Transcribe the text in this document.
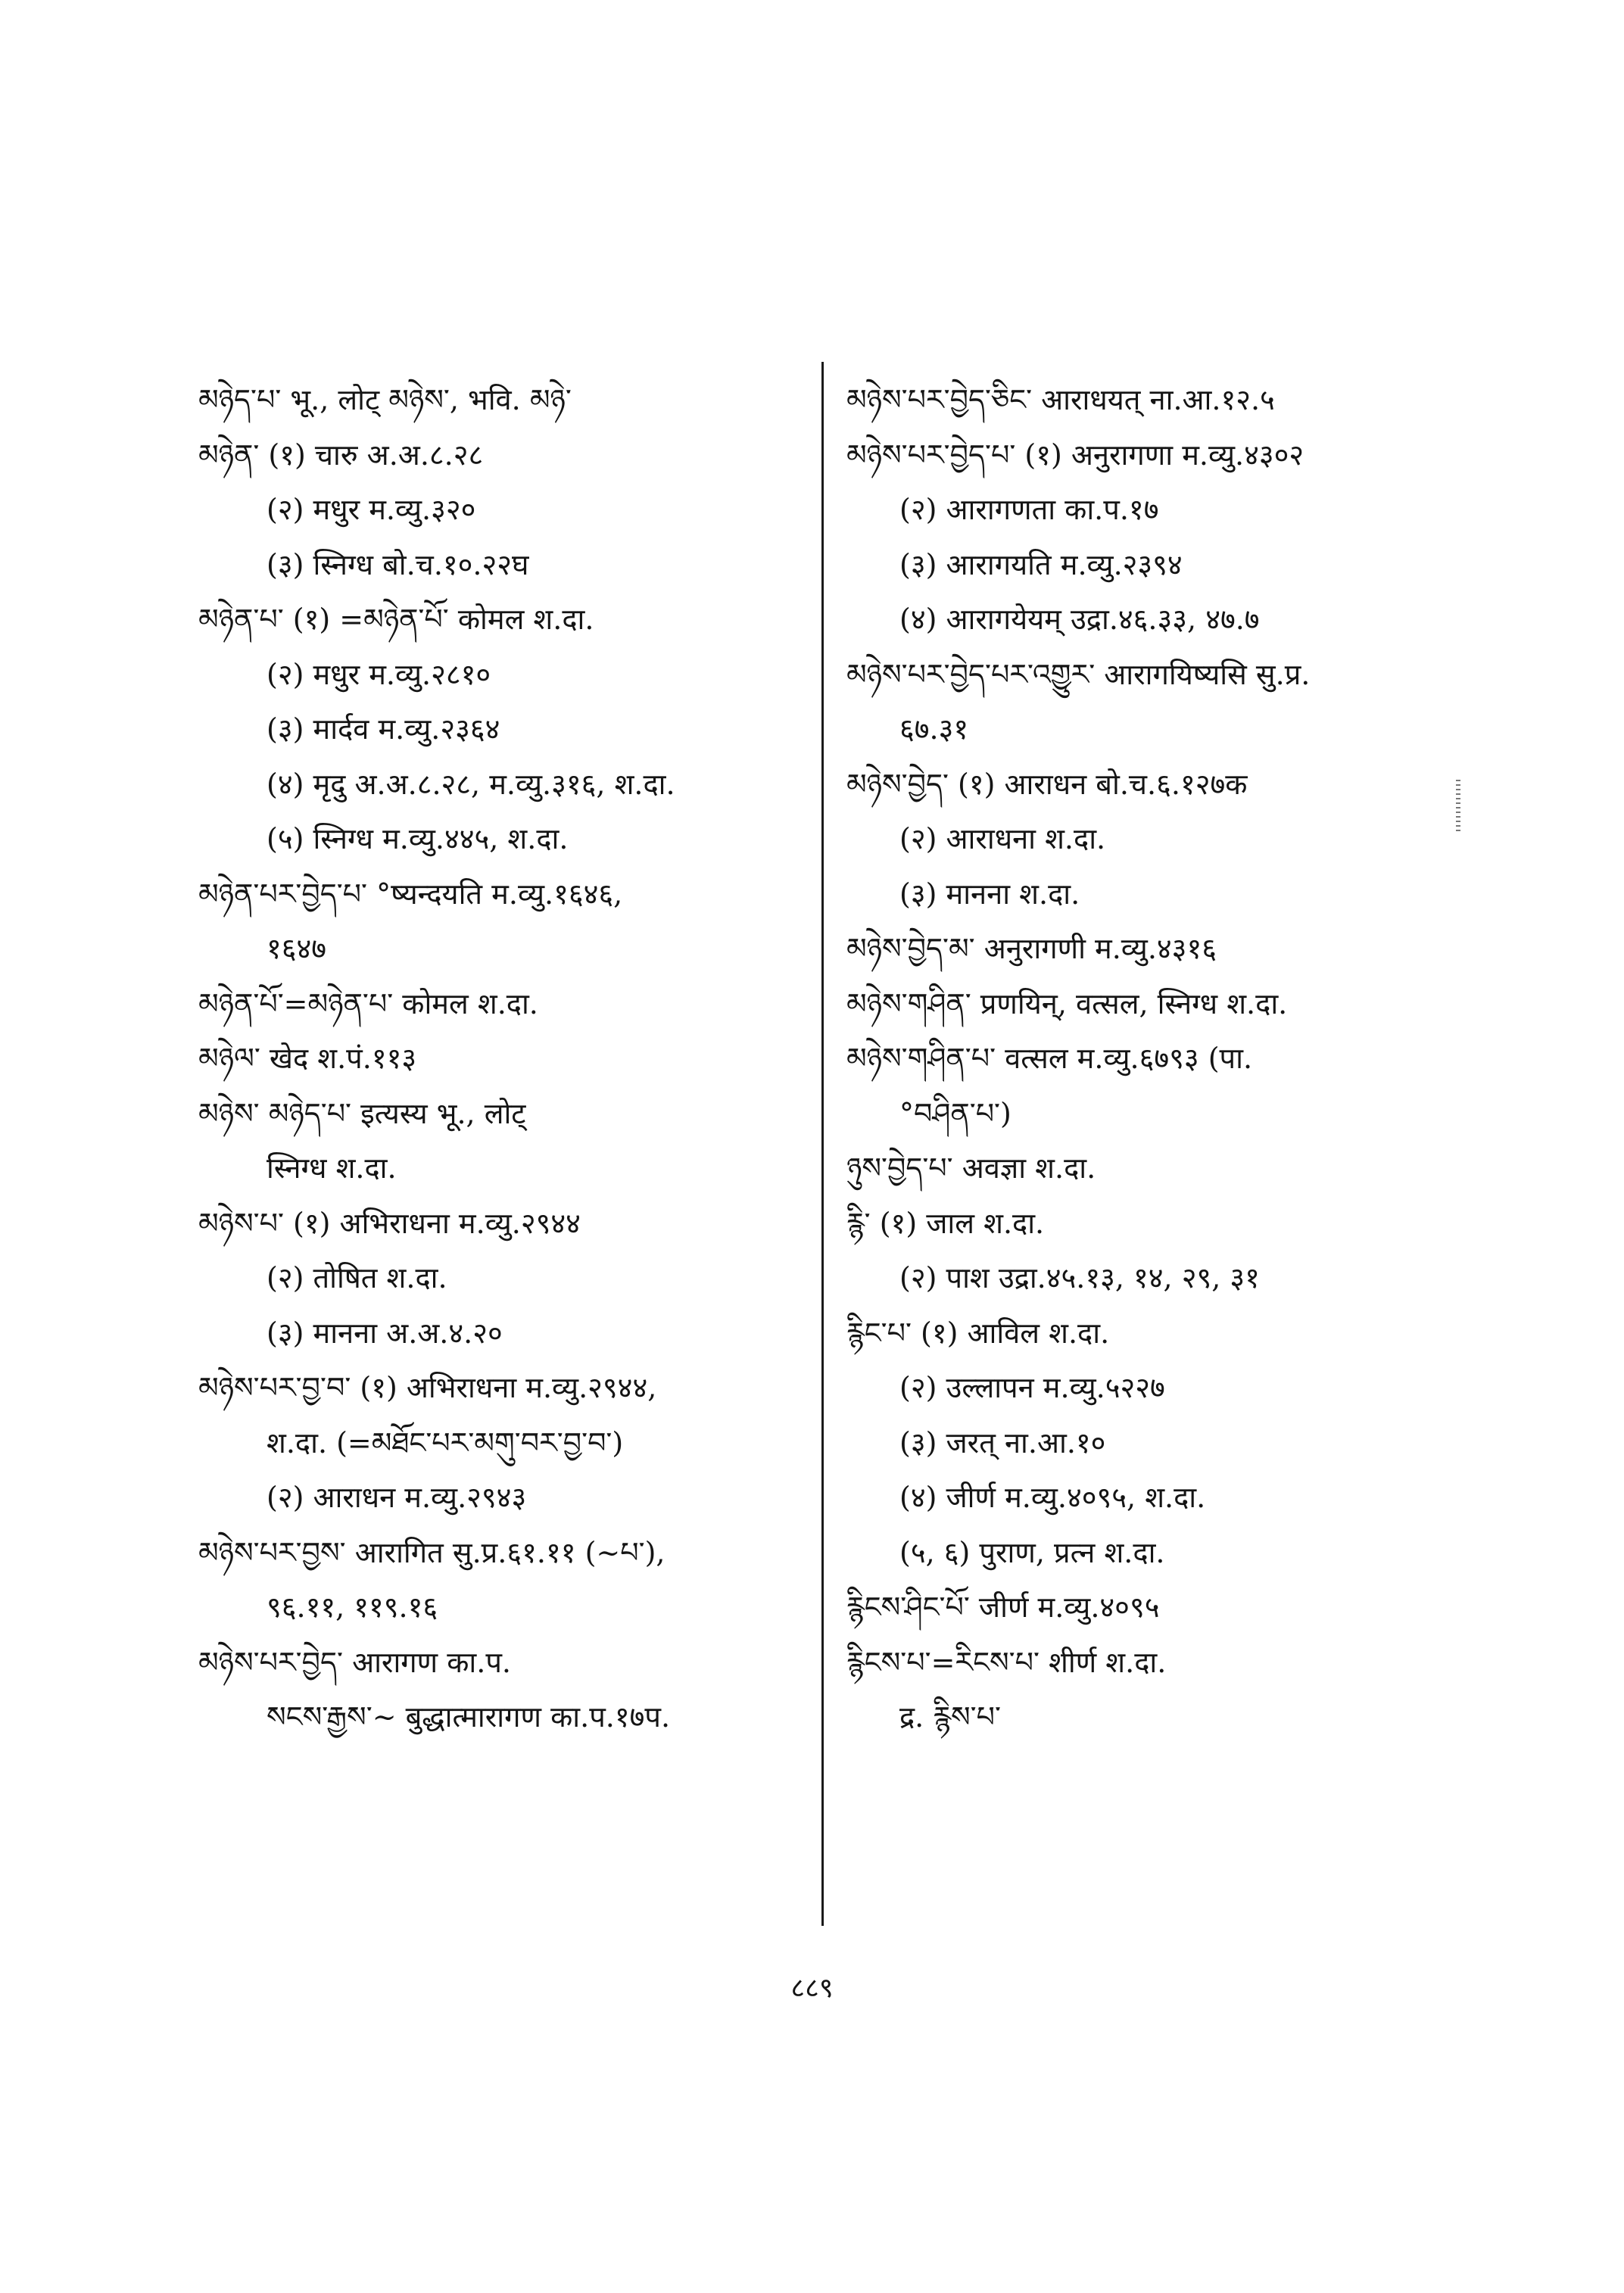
མཉེད་པ་ भू., लोट् མཉེས་, भवि. མཉེ་
མཉེན་ (१) चारु अ.अ.८.२८
(२) मधुर म.व्यु.३२०
(३) स्निग्ध बो.च.१०.२२घ
མཉེན་པ་ (१) =མཉེན་པོ་ कोमल श.दा.
(२) मधुर म.व्यु.२८१०
(३) मार्दव म.व्यु.२३६४
(४) मृदु अ.अ.८.२८, म.व्यु.३१६, श.दा.
(५) स्निग्ध म.व्यु.४४५, श.दा.
མཉེན་པར་བྱེད་པ་ °ष्यन्दयति म.व्यु.१६४६,
१६४७
མཉེན་པོ་=མཉེན་པ་ कोमल श.दा.
མཉེལ་ खेद श.पं.११३
མཉེས་ མཉེད་པ་ इत्यस्य भू., लोट्
स्निग्ध श.दा.
མཉེས་པ་ (१) अभिराधना म.व्यु.२९४४
(२) तोषित श.दा.
(३) मानना अ.अ.४.२०
མཉེས་པར་བྱ་བ་ (१) अभिराधना म.व्यु.२९४४,
श.दा. (=མཐོང་པར་མགུ་བར་བྱ་བ་)
(२) आराधन म.व्यु.२९४३
མཉེས་པར་བྱས་ आरागित सु.प्र.६१.११ (~པ་),
९६.११, ११९.१६
མཉེས་པར་བྱེད་ आरागण का.प.
སངས་རྒྱས་~ बुद्धात्मारागण का.प.१७प.
མཉེས་པར་བྱེད་ཅིང་ आराधयत् ना.आ.१२.५
མཉེས་པར་བྱེད་པ་ (१) अनुरागणा म.व्यु.४३०२
(२) आरागणता का.प.१७
(३) आरागयति म.व्यु.२३९४
(४) आरागयेयम् उद्रा.४६.३३, ४७.७
མཉེས་པར་བྱེད་པར་འགྱུར་ आरागयिष्यसि सु.प्र.
६७.३१
མཉེས་བྱེད་ (१) आराधन बो.च.६.१२७क
(२) आराधना श.दा.
(३) मानना श.दा.
མཉེས་བྱེད་མ་ अनुरागणी म.व्यु.४३१६
མཉེས་གཤིན་ प्रणयिन्, वत्सल, स्निग्ध श.दा.
མཉེས་གཤིན་པ་ वत्सल म.व्यु.६७९३ (पा.
°བཤིན་པ་)
ཉུས་བྱེད་པ་ अवज्ञा श.दा.
རྙི་ (१) जाल श.दा.
(२) पाश उद्रा.४५.१३, १४, २९, ३१
རྙིང་པ་ (१) आविल श.दा.
(२) उल्लापन म.व्यु.५२२७
(३) जरत् ना.आ.१०
(४) जीर्ण म.व्यु.४०९५, श.दा.
(५, ६) पुराण, प्रत्न श.दा.
རྙིངས་ཤིང་པོ་ जीर्ण म.व्यु.४०९५
རྙིངས་པ་=རིངས་པ་ शीर्ण श.दा.
द्र. རྙིས་པ་
८८९
